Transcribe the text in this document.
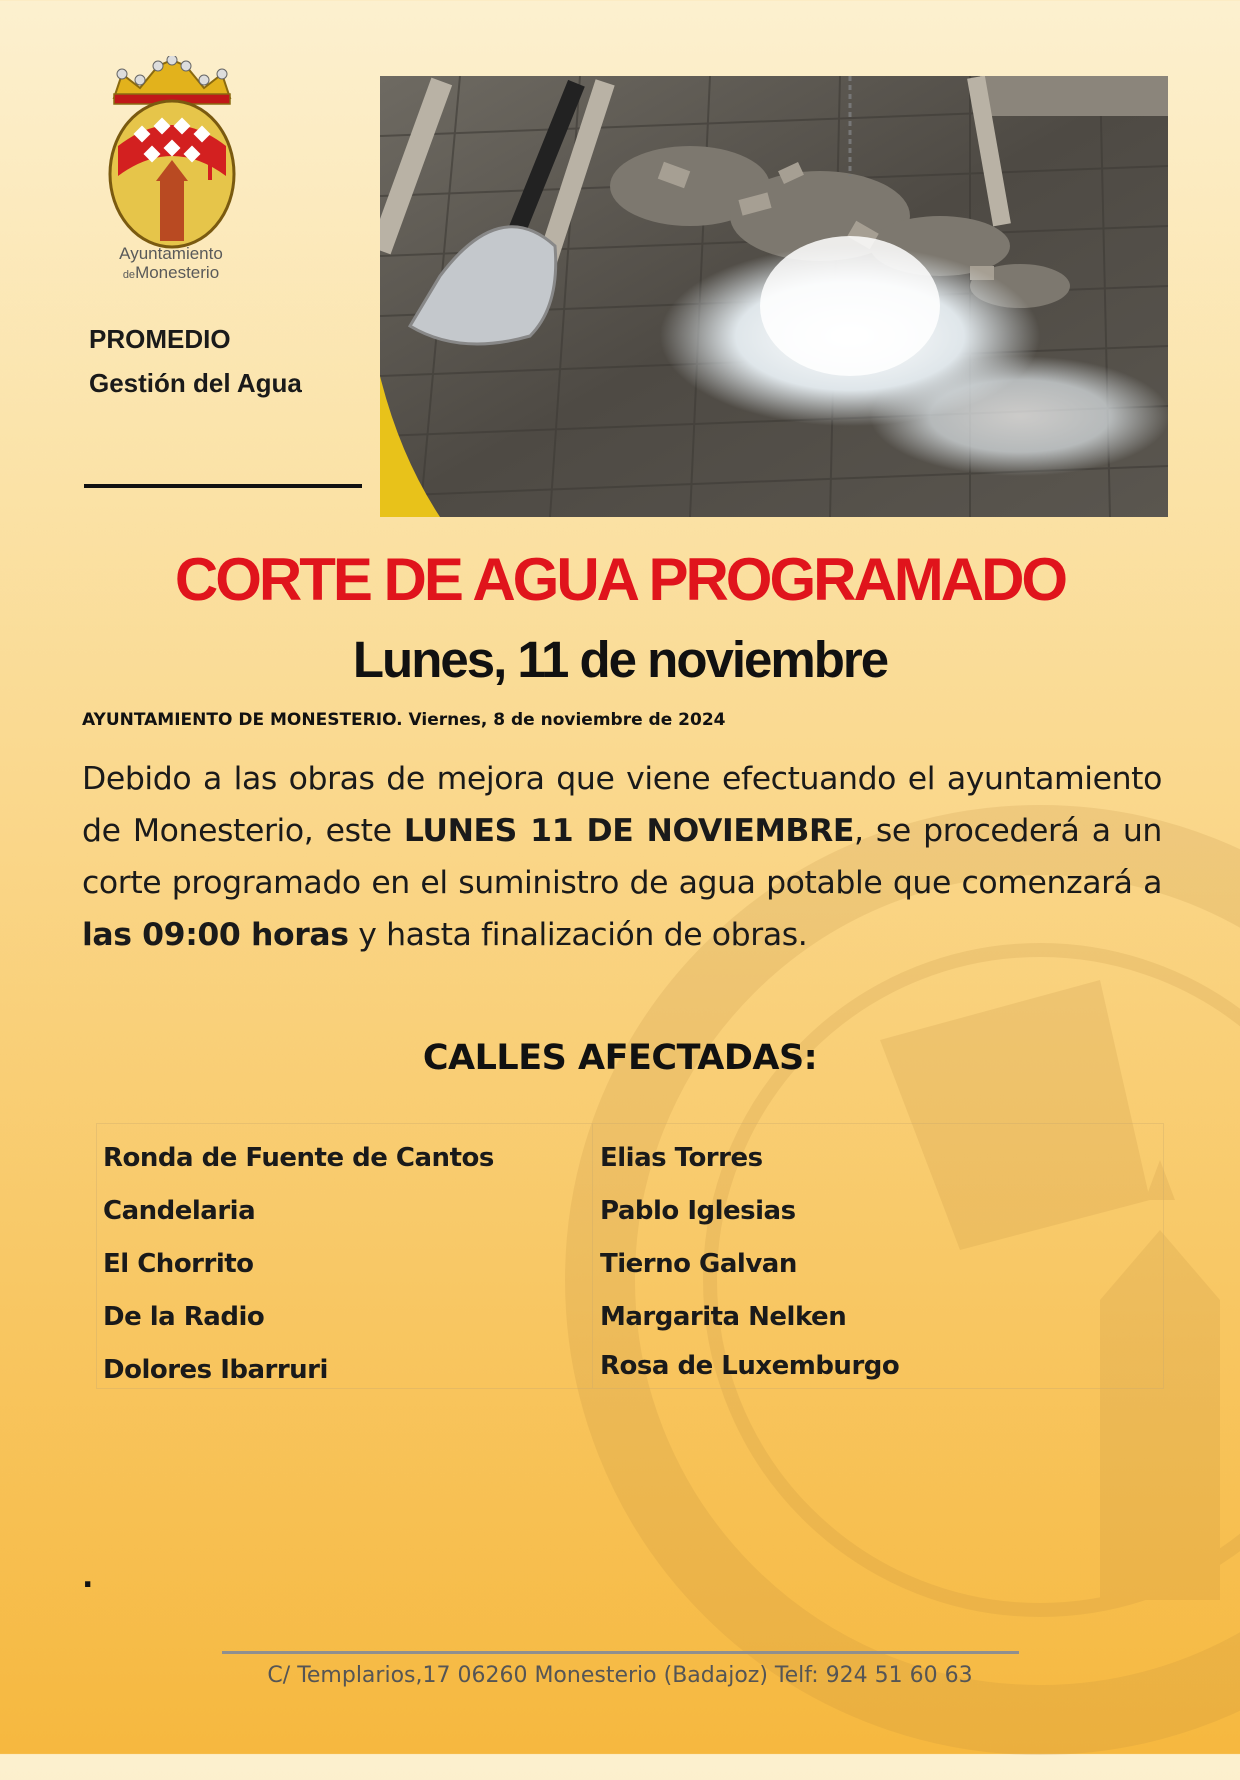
Ayuntamiento
deMonesterio
PROMEDIO
Gestión del Agua
CORTE DE AGUA PROGRAMADO
Lunes, 11 de noviembre
AYUNTAMIENTO DE MONESTERIO. Viernes, 8 de noviembre de 2024
Debido a las obras de mejora que viene efectuando el ayuntamiento de Monesterio, este LUNES 11 DE NOVIEMBRE, se procederá a un corte programado en el suministro de agua potable que comenzará a las 09:00 horas y hasta finalización de obras.
CALLES AFECTADAS:
Ronda de Fuente de Cantos
Candelaria
El Chorrito
De la Radio
Dolores Ibarruri
Elias Torres
Pablo Iglesias
Tierno Galvan
Margarita Nelken
Rosa de Luxemburgo
.
C/ Templarios,17 06260 Monesterio (Badajoz) Telf: 924 51 60 63
